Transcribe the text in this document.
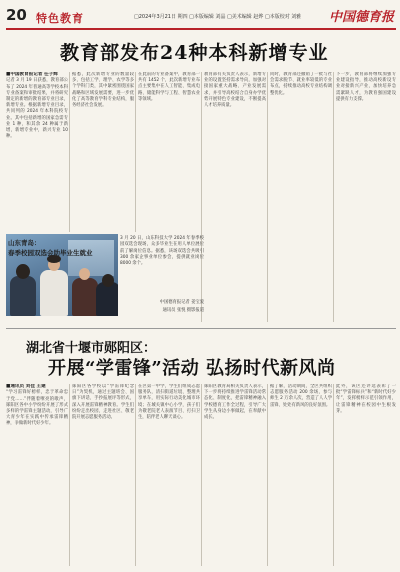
20 特色教育	□2024年3月21日 期四 □本版编辑 刘晶 □美术编辑 赵烨 □本版校对 刘雅 中国德育报
教育部发布24种本科新增专业
■中国教育报记者 任子辉
记者 3 月 19 日获悉，教育部公布了 2024 年普通高等学校本科专业备案和审批结果，并将研究制定的新增的教育部专业目录，新增专业。根据新增专业目录，共同列的 2024 年本科院校专业。其中包括新增的国家急需专业 1 种，和其余 24 种属于新增，新增专业中，新兴专业 10 种。
据悉，此次新增专业的数量较多，包括工学、理学、农学等多个学科门类，其中紧密围绕国家战略和区域发展需要，进一步优化了高等教育学科专业结构，服务经济社会发展。
在此前的专业备案中，教育部一共有 1452 个，此次新增专业布点主要集中在人工智能、集成电路、储能科学与工程、智慧农业等领域。
教育部有关负责人表示，新增专业的设置坚持需求导向，加强对接国家重大战略、产业发展需求，并引导高校结合自身办学优势开展特色专业建设，不断提高人才培养质量。
同时，教育部还撤销了一批与社会需求脱节、就业率较低的专业布点，持续推动高校专业结构调整优化。
下一步，教育部将继续加强专业建设指导，推动高校新设专业对接新兴产业，加快培养急需紧缺人才，为教育强国建设提供有力支撑。
山东青岛：
春季校园双选会助毕业生就业
3 月 20 日，山东科技大学 2024 年春季校园双选会现场，众多毕业生在用人单位展位前了解岗位信息。据悉，该场双选会共吸引 300 余家企事业单位参会，提供就业岗位 8000 余个。
中国德育报记者 姜宝爱
通讯员 张悦 摄影报道
湖北省十堰市郧阳区：
开展“学雷锋”活动 弘扬时代新风尚
■通讯员 刘佳 王建
“学习雷锋好榜样，忠于革命忠于党……”伴随着嘹亮的歌声，郧阳区各中小学纷纷开展了形式多样的学雷锋主题活动，引导广大青少年在实践中传承雷锋精神，争做新时代好少年。
郧阳区各学校以“学雷锋纪念日”为契机，通过主题班会、国旗下讲话、手抄报展评等形式，深入开展雷锋精神教育。学生们纷纷走出校园，走进社区、敬老院开展志愿服务活动。
在区第一中学，学生们组成志愿服务队，清扫街道垃圾、整理共享单车，用实际行动美化城市环境；在城关镇中心小学，孩子们为敬老院老人表演节目、打扫卫生，陪伴老人聊天谈心。
郧阳区教育局相关负责人表示，下一步将持续推进学雷锋活动常态化、制度化，把雷锋精神融入学校德育工作全过程，引导广大学生从身边小事做起，在奉献中成长。
据了解，活动期间，全区共组织志愿服务活动 200 余场，参与师生 2 万余人次，营造了人人学雷锋、处处有新风的良好氛围。
此外，该区还评选表彰了一批“学雷锋标兵”和“新时代好少年”，发挥榜样示范引领作用，让雷锋精神在校园中生根发芽。
